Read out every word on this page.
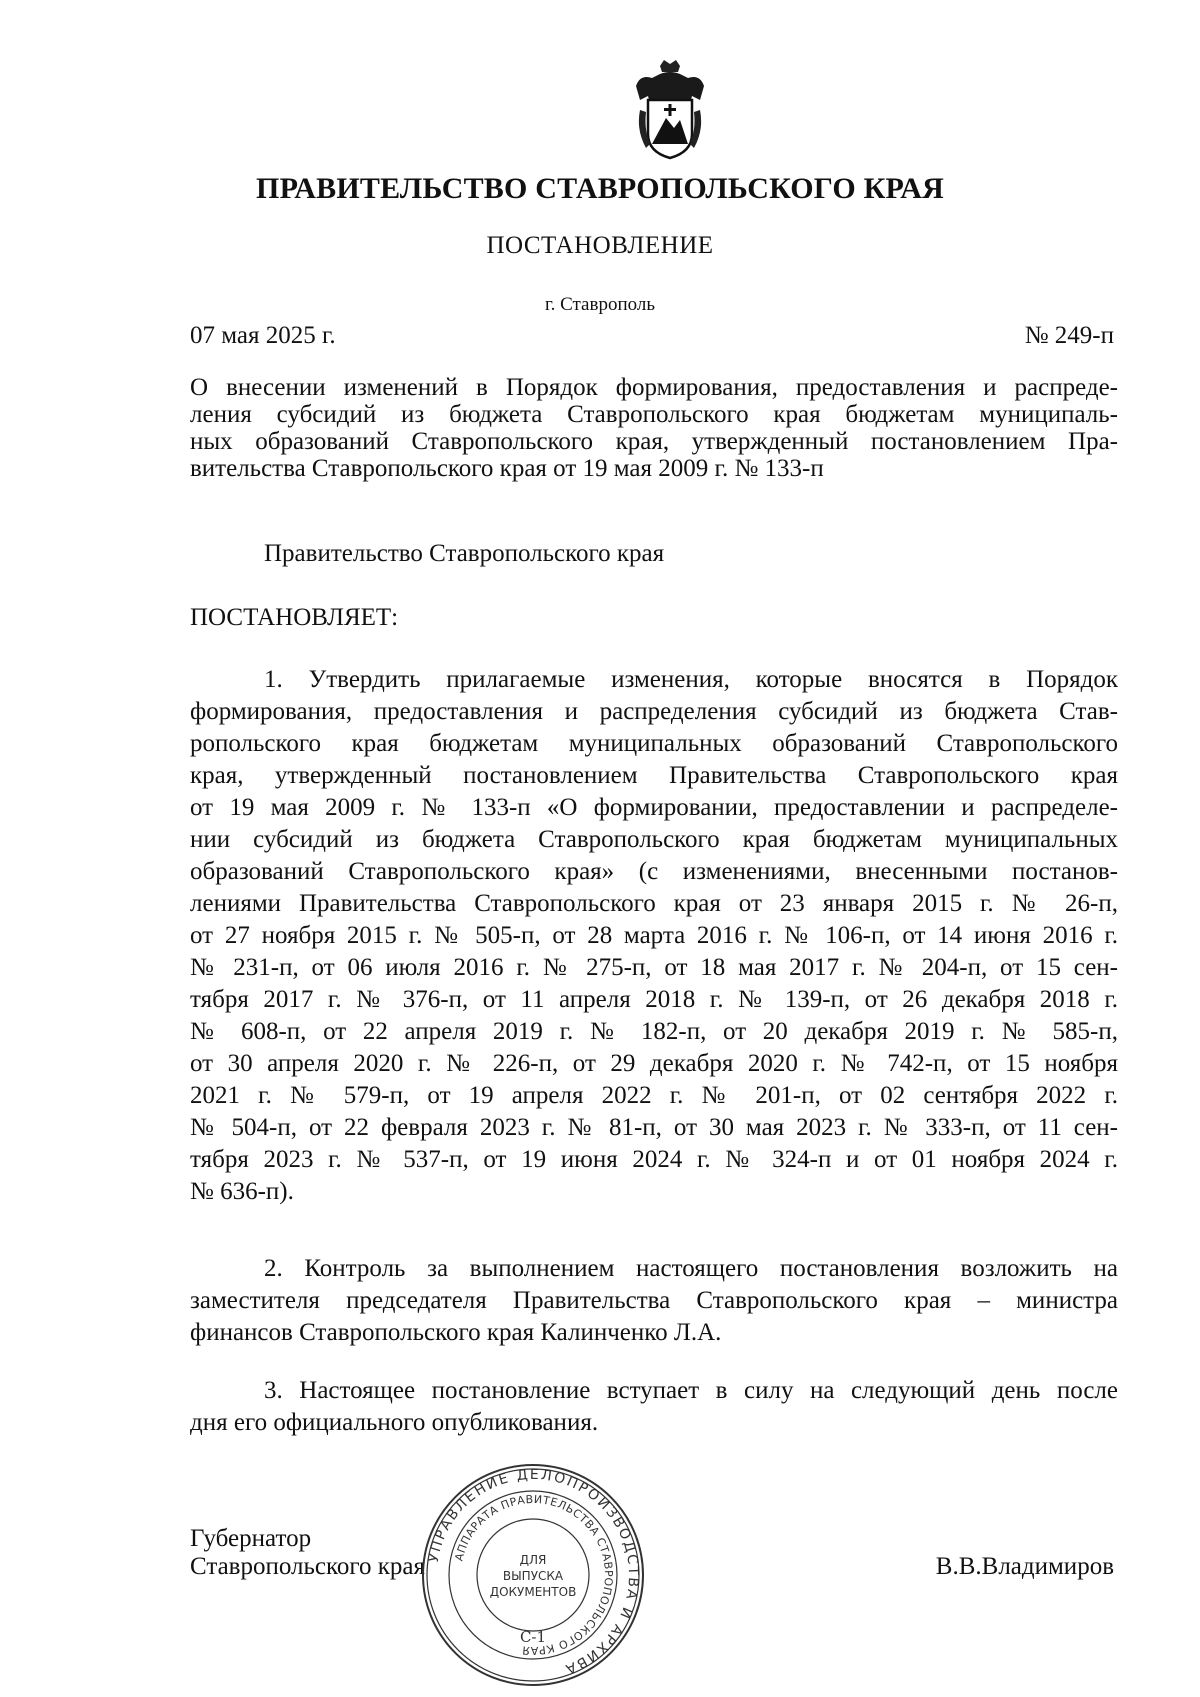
ПРАВИТЕЛЬСТВО СТАВРОПОЛЬСКОГО КРАЯ
ПОСТАНОВЛЕНИЕ
г. Ставрополь
07 мая 2025 г.	№ 249-п
О внесении изменений в Порядок формирования, предоставления и распреде-
ления субсидий из бюджета Ставропольского края бюджетам муниципаль-
ных образований Ставропольского края, утвержденный постановлением Пра-
вительства Ставропольского края от 19 мая 2009 г. № 133-п
Правительство Ставропольского края
ПОСТАНОВЛЯЕТ:
1. Утвердить прилагаемые изменения, которые вносятся в Порядок
формирования, предоставления и распределения субсидий из бюджета Став-
ропольского края бюджетам муниципальных образований Ставропольского
края, утвержденный постановлением Правительства Ставропольского края
от 19 мая 2009 г. № 133-п «О формировании, предоставлении и распределе-
нии субсидий из бюджета Ставропольского края бюджетам муниципальных
образований Ставропольского края» (с изменениями, внесенными постанов-
лениями Правительства Ставропольского края от 23 января 2015 г. № 26-п,
от 27 ноября 2015 г. № 505-п, от 28 марта 2016 г. № 106-п, от 14 июня 2016 г.
№ 231-п, от 06 июля 2016 г. № 275-п, от 18 мая 2017 г. № 204-п, от 15 сен-
тября 2017 г. № 376-п, от 11 апреля 2018 г. № 139-п, от 26 декабря 2018 г.
№ 608-п, от 22 апреля 2019 г. № 182-п, от 20 декабря 2019 г. № 585-п,
от 30 апреля 2020 г. № 226-п, от 29 декабря 2020 г. № 742-п, от 15 ноября
2021 г. № 579-п, от 19 апреля 2022 г. № 201-п, от 02 сентября 2022 г.
№ 504-п, от 22 февраля 2023 г. № 81-п, от 30 мая 2023 г. № 333-п, от 11 сен-
тября 2023 г. № 537-п, от 19 июня 2024 г. № 324-п и от 01 ноября 2024 г.
№ 636-п).
2. Контроль за выполнением настоящего постановления возложить на
заместителя председателя Правительства Ставропольского края – министра
финансов Ставропольского края Калинченко Л.А.
3. Настоящее постановление вступает в силу на следующий день после
дня его официального опубликования.
Губернатор
Ставропольского края	В.В.Владимиров
УПРАВЛЕНИЕ ДЕЛОПРОИЗВОДСТВА И АРХИВА
АППАРАТА ПРАВИТЕЛЬСТВА СТАВРОПОЛЬСКОГО КРАЯ
ДЛЯ
ВЫПУСКА
ДОКУМЕНТОВ
С-1
